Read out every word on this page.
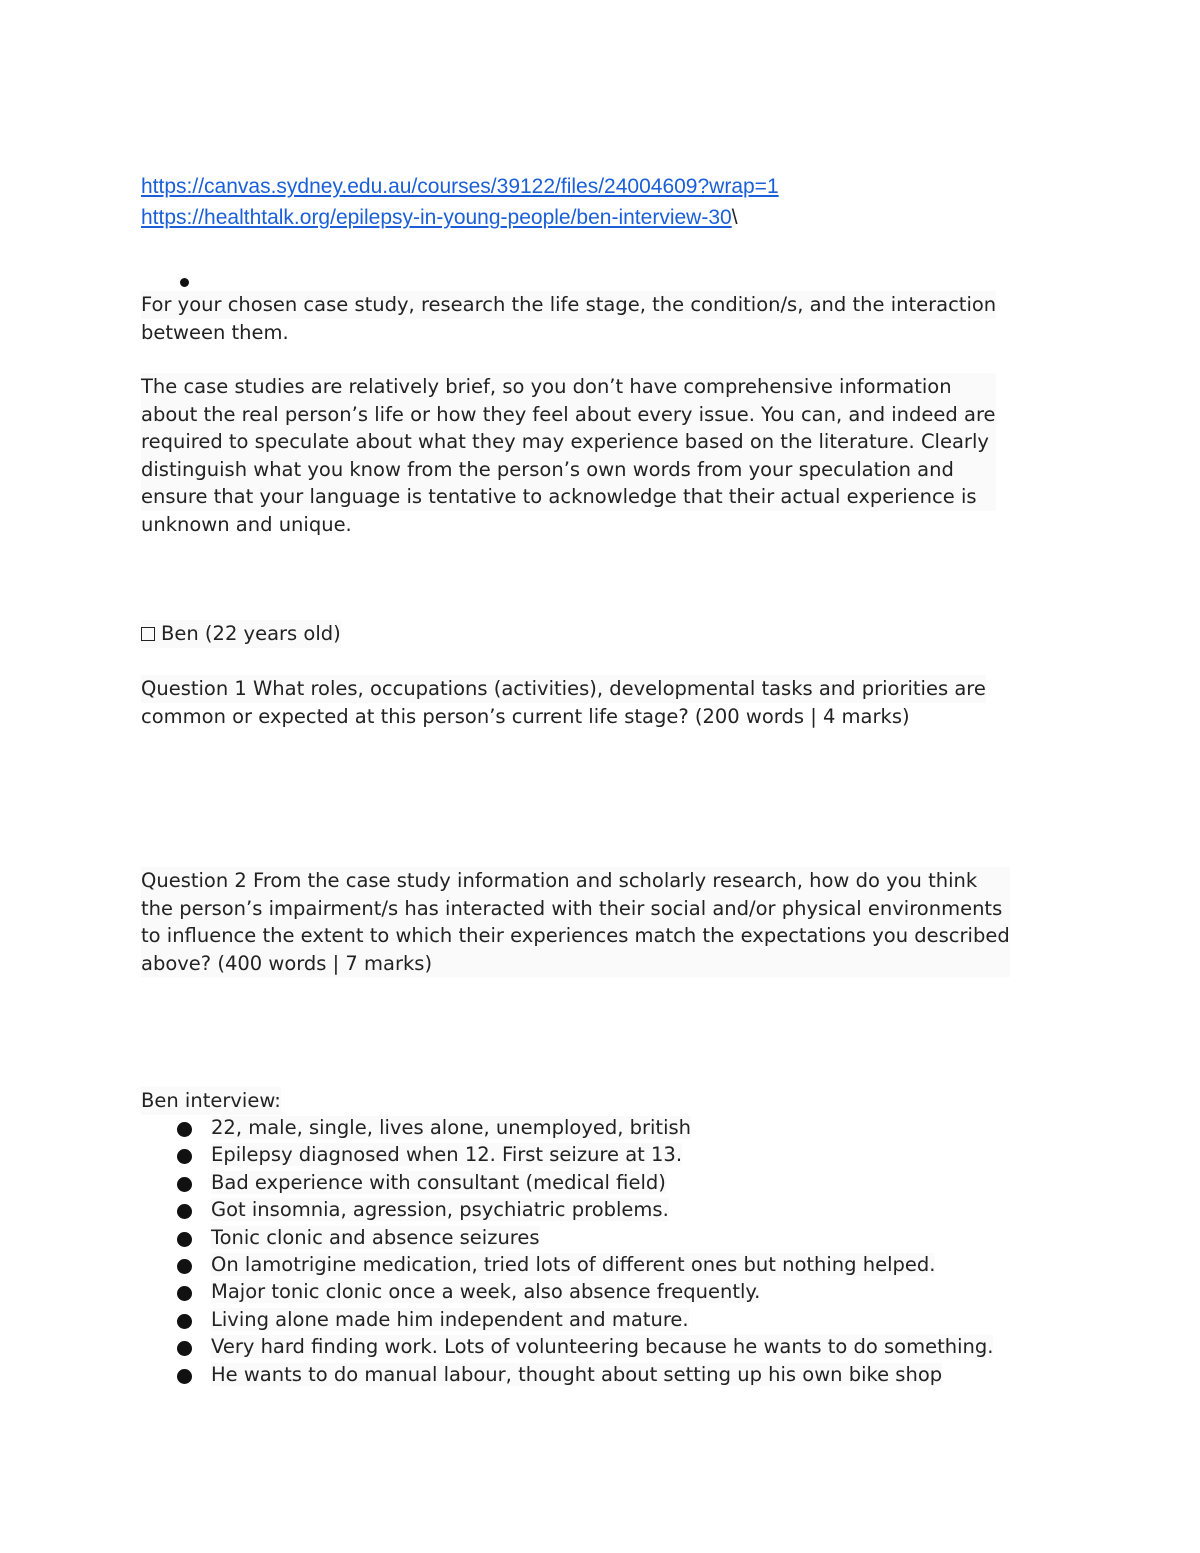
https://canvas.sydney.edu.au/courses/39122/files/24004609?wrap=1
https://healthtalk.org/epilepsy-in-young-people/ben-interview-30\

For your chosen case study, research the life stage, the condition/s, and the interaction

between them.

The case studies are relatively brief, so you don’t have comprehensive information

about the real person’s life or how they feel about every issue. You can, and indeed are

required to speculate about what they may experience based on the literature. Clearly

distinguish what you know from the person’s own words from your speculation and

ensure that your language is tentative to acknowledge that their actual experience is

unknown and unique.

Ben (22 years old)

Question 1 What roles, occupations (activities), developmental tasks and priorities are

common or expected at this person’s current life stage? (200 words | 4 marks)

Question 2 From the case study information and scholarly research, how do you think

the person’s impairment/s has interacted with their social and/or physical environments

to influence the extent to which their experiences match the expectations you described

above? (400 words | 7 marks)

Ben interview:

22, male, single, lives alone, unemployed, british
Epilepsy diagnosed when 12. First seizure at 13.
Bad experience with consultant (medical field)
Got insomnia, agression, psychiatric problems.
Tonic clonic and absence seizures
On lamotrigine medication, tried lots of different ones but nothing helped.
Major tonic clonic once a week, also absence frequently.
Living alone made him independent and mature.
Very hard finding work. Lots of volunteering because he wants to do something.
He wants to do manual labour, thought about setting up his own bike shop
